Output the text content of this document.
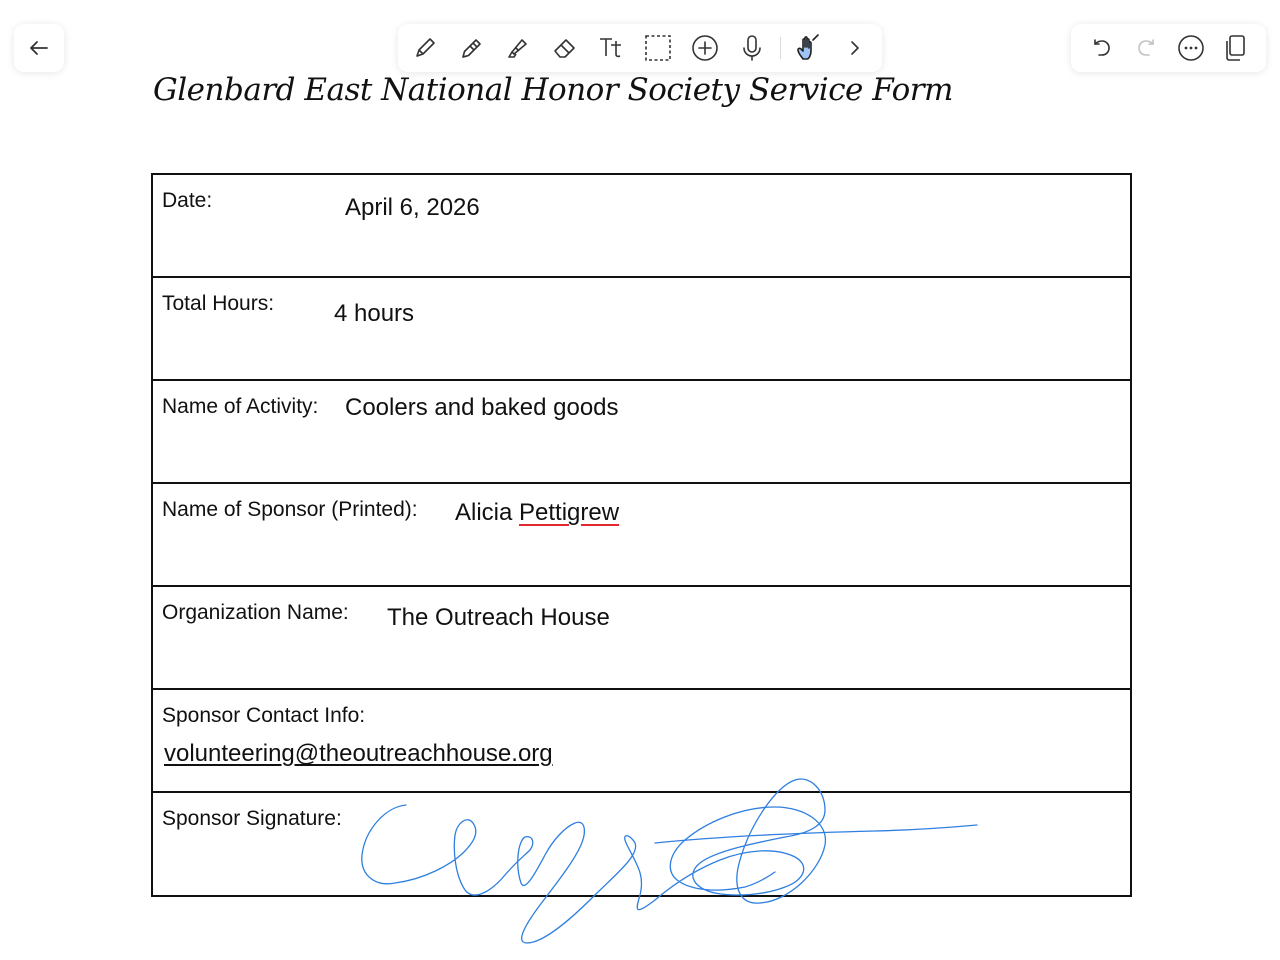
Glenbard East National Honor Society Service Form
Date:	April 6, 2026
Total Hours: 4 hours
Name of Activity: Coolers and baked goods
Name of Sponsor (Printed): Alicia Pettigrew
Organization Name: The Outreach House
Sponsor Contact Info:
volunteering@theoutreachhouse.org
Sponsor Signature:
